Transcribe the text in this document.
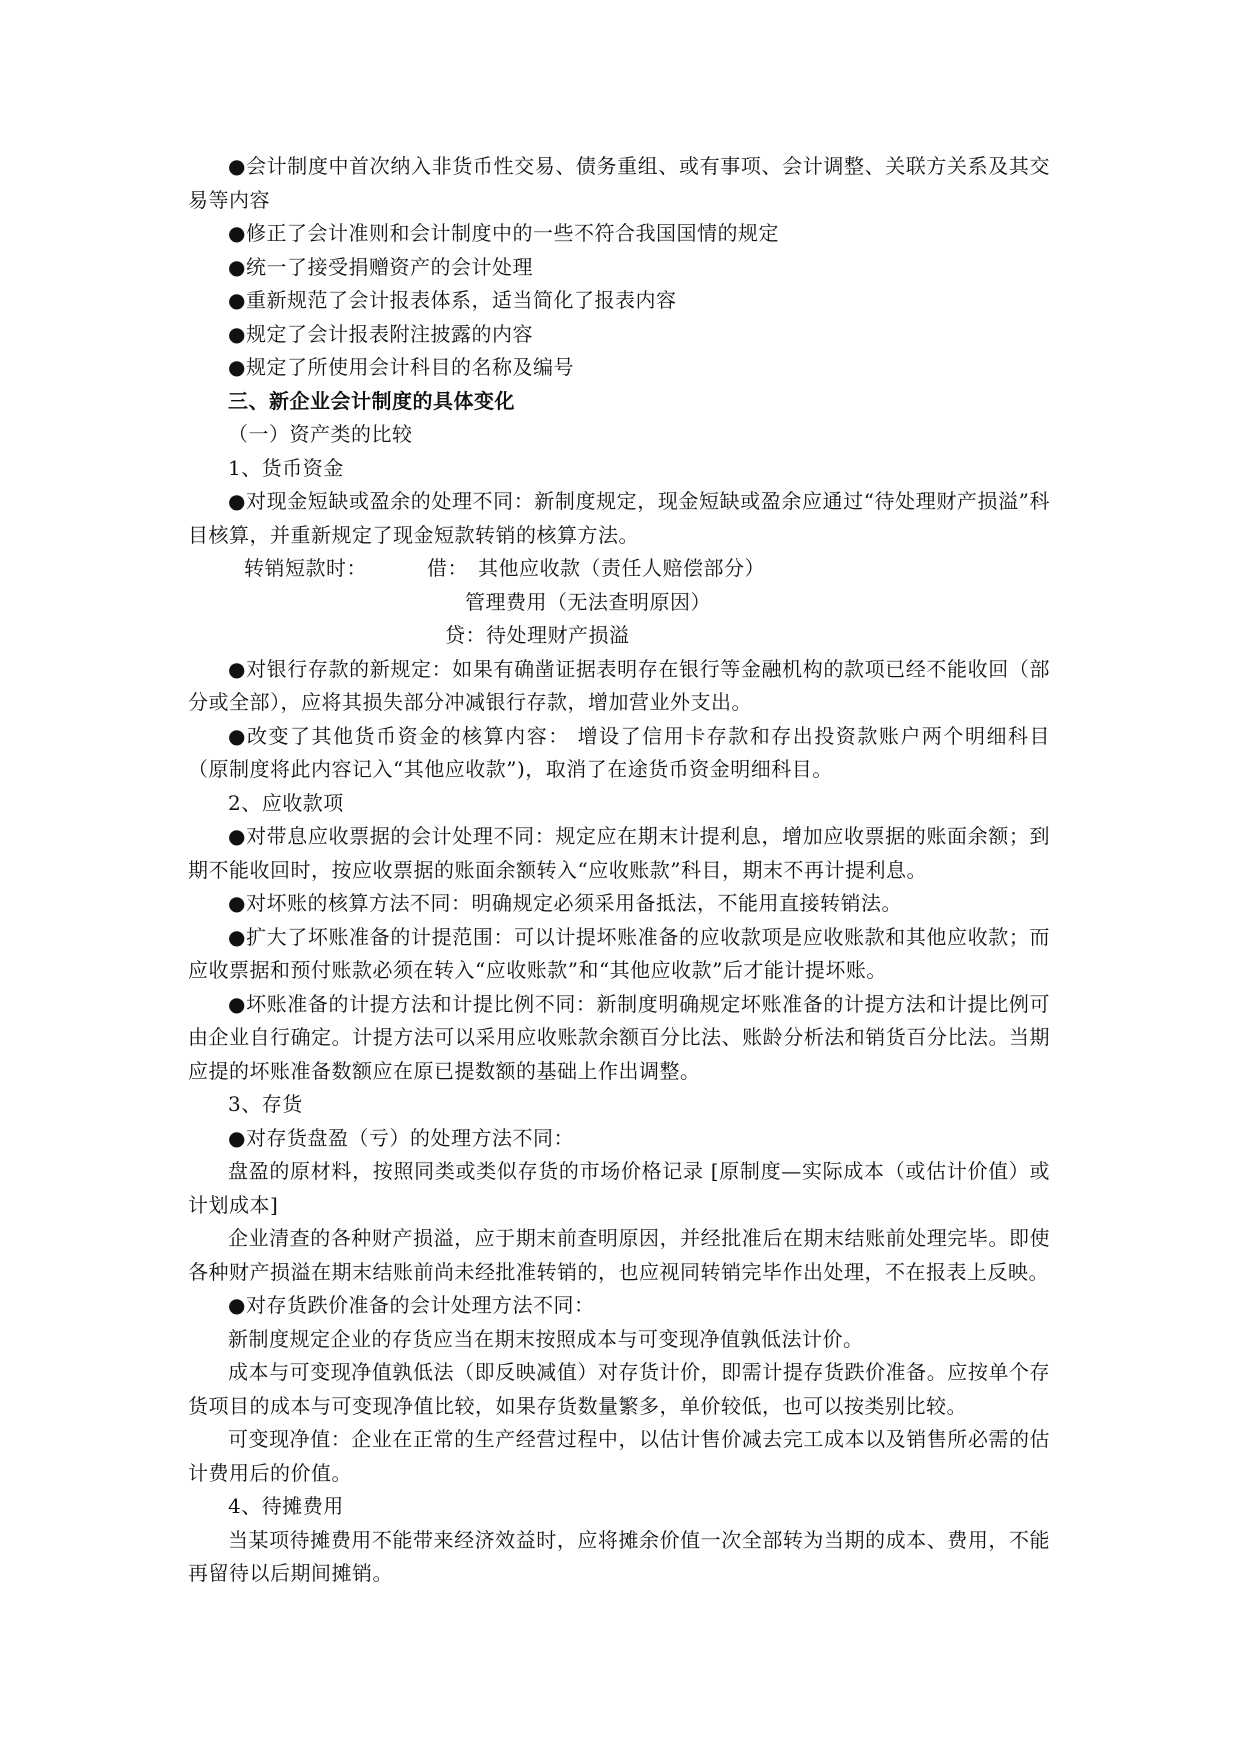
●会计制度中首次纳入非货币性交易、债务重组、或有事项、会计调整、关联方关系及其交易等内容

●修正了会计准则和会计制度中的一些不符合我国国情的规定

●统一了接受捐赠资产的会计处理

●重新规范了会计报表体系，适当简化了报表内容

●规定了会计报表附注披露的内容

●规定了所使用会计科目的名称及编号

三、新企业会计制度的具体变化

（一）资产类的比较

1、货币资金

●对现金短缺或盈余的处理不同：新制度规定，现金短缺或盈余应通过“待处理财产损溢”科目核算，并重新规定了现金短款转销的核算方法。

转销短款时：	借： 其他应收款（责任人赔偿部分）

管理费用（无法查明原因）

贷：待处理财产损溢

●对银行存款的新规定：如果有确凿证据表明存在银行等金融机构的款项已经不能收回（部分或全部），应将其损失部分冲减银行存款，增加营业外支出。

●改变了其他货币资金的核算内容： 增设了信用卡存款和存出投资款账户两个明细科目（原制度将此内容记入“其他应收款”)，取消了在途货币资金明细科目。

2、应收款项

●对带息应收票据的会计处理不同：规定应在期末计提利息，增加应收票据的账面余额；到期不能收回时，按应收票据的账面余额转入“应收账款”科目，期末不再计提利息。

●对坏账的核算方法不同：明确规定必须采用备抵法，不能用直接转销法。

●扩大了坏账准备的计提范围：可以计提坏账准备的应收款项是应收账款和其他应收款；而应收票据和预付账款必须在转入“应收账款”和“其他应收款”后才能计提坏账。

●坏账准备的计提方法和计提比例不同：新制度明确规定坏账准备的计提方法和计提比例可由企业自行确定。计提方法可以采用应收账款余额百分比法、账龄分析法和销货百分比法。当期应提的坏账准备数额应在原已提数额的基础上作出调整。

3、存货

●对存货盘盈（亏）的处理方法不同：

盘盈的原材料，按照同类或类似存货的市场价格记录 [原制度—实际成本（或估计价值）或计划成本]

企业清查的各种财产损溢，应于期末前查明原因，并经批准后在期末结账前处理完毕。即使各种财产损溢在期末结账前尚未经批准转销的，也应视同转销完毕作出处理，不在报表上反映。

●对存货跌价准备的会计处理方法不同：

新制度规定企业的存货应当在期末按照成本与可变现净值孰低法计价。

成本与可变现净值孰低法（即反映减值）对存货计价，即需计提存货跌价准备。应按单个存货项目的成本与可变现净值比较，如果存货数量繁多，单价较低，也可以按类别比较。

可变现净值：企业在正常的生产经营过程中，以估计售价减去完工成本以及销售所必需的估计费用后的价值。

4、待摊费用

当某项待摊费用不能带来经济效益时，应将摊余价值一次全部转为当期的成本、费用，不能再留待以后期间摊销。
